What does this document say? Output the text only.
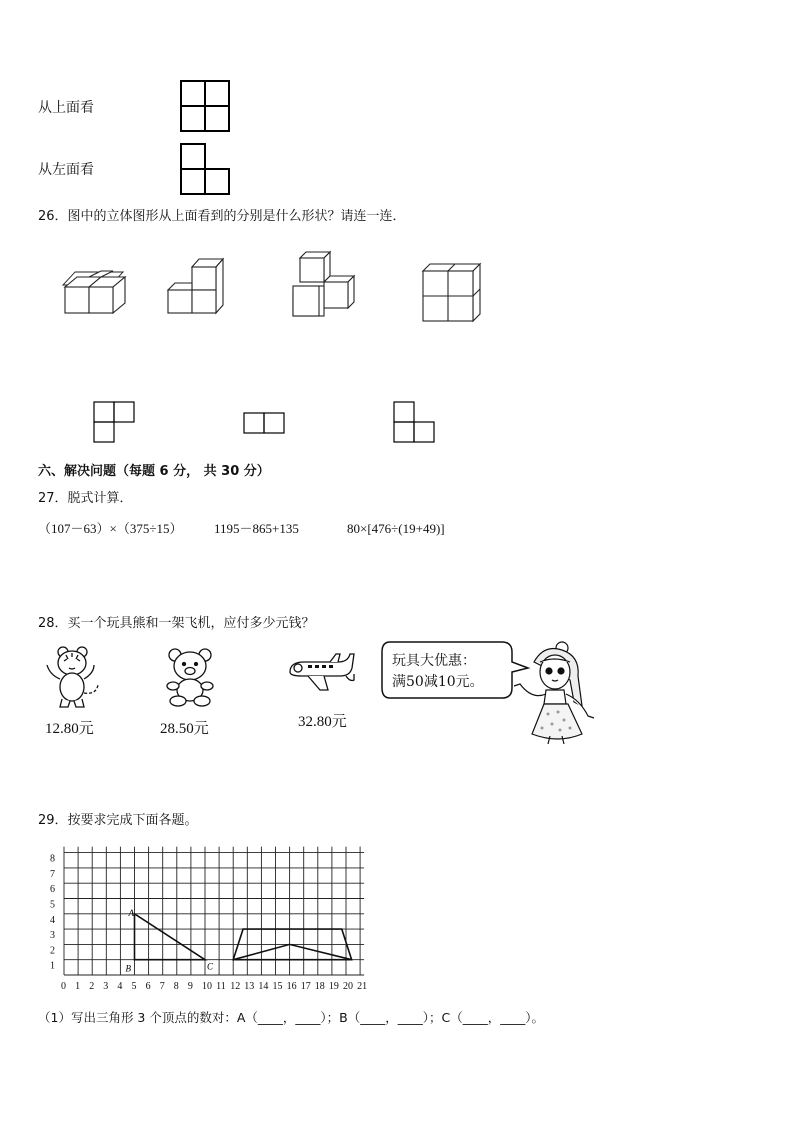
从上面看
从左面看
26．图中的立体图形从上面看到的分别是什么形状？请连一连．
六、解决问题（每题 6 分， 共 30 分）
27．脱式计算．
（107－63）×（375÷15） 1195－865+135	80×[476÷(19+49)]
28．买一个玩具熊和一架飞机，应付多少元钱？
12.80元	28.50元	32.80元
玩具大优惠：
满50减10元。
29．按要求完成下面各题。
0 1 2 3 4 5 6 7 8 9 10 11 12 13 14 15 16 17 18 19 20 21
1
2
3
4
5
6
7
8
A
B	C
（1）写出三角形 3 个顶点的数对：A（____，____）；B（____，____）；C（____，____）。
